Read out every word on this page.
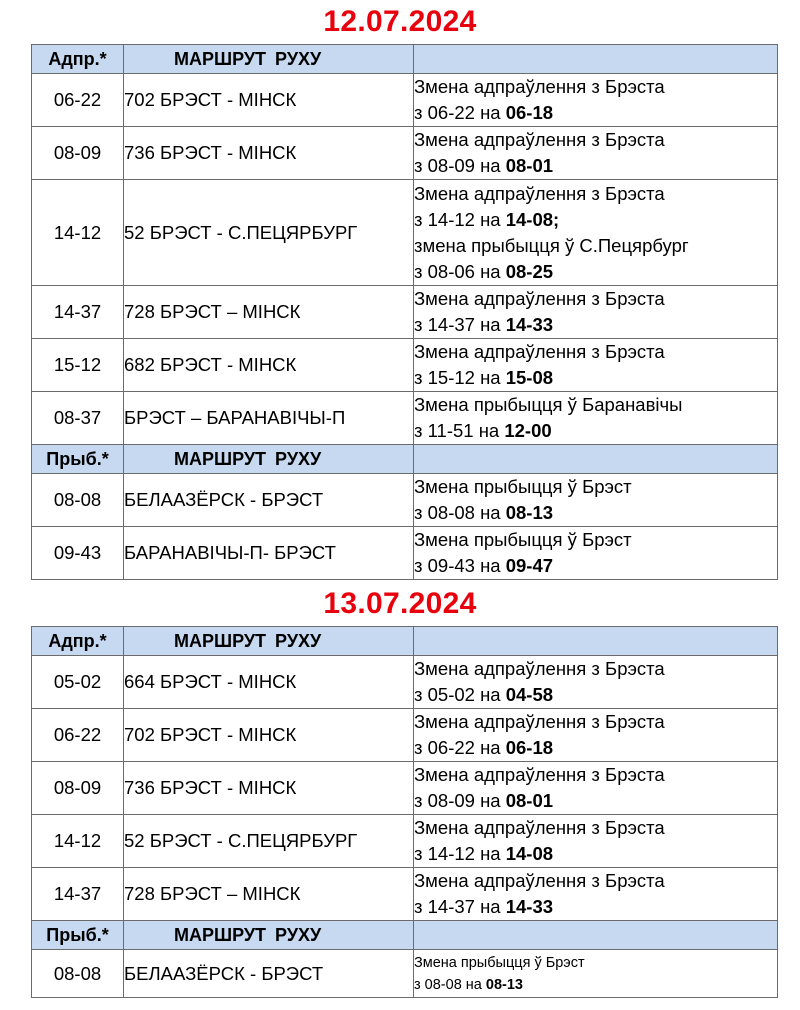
12.07.2024
Адпр.*	МАРШРУТ РУХУ	
06-22	702 БРЭСТ - МІНСК	Змена адпраўлення з Брэста
з 06-22 на 06-18

08-09	736 БРЭСТ - МІНСК	Змена адпраўлення з Брэста
з 08-09 на 08-01

14-12	52 БРЭСТ - С.ПЕЦЯРБУРГ	Змена адпраўлення з Брэста
з 14-12 на 14-08;
змена прыбыцця ў С.Пецярбург
з 08-06 на 08-25

14-37	728 БРЭСТ – МІНСК	Змена адпраўлення з Брэста
з 14-37 на 14-33

15-12	682 БРЭСТ - МІНСК	Змена адпраўлення з Брэста
з 15-12 на 15-08

08-37	БРЭСТ – БАРАНАВІЧЫ-П	Змена прыбыцця ў Баранавічы
з 11-51 на 12-00

Прыб.*	МАРШРУТ РУХУ	
08-08	БЕЛААЗЁРСК - БРЭСТ	Змена прыбыцця ў Брэст
з 08-08 на 08-13

09-43	БАРАНАВІЧЫ-П- БРЭСТ	Змена прыбыцця ў Брэст
з 09-43 на 09-47
13.07.2024
Адпр.*	МАРШРУТ РУХУ	
05-02	664 БРЭСТ - МІНСК	Змена адпраўлення з Брэста
з 05-02 на 04-58

06-22	702 БРЭСТ - МІНСК	Змена адпраўлення з Брэста
з 06-22 на 06-18

08-09	736 БРЭСТ - МІНСК	Змена адпраўлення з Брэста
з 08-09 на 08-01

14-12	52 БРЭСТ - С.ПЕЦЯРБУРГ	Змена адпраўлення з Брэста
з 14-12 на 14-08

14-37	728 БРЭСТ – МІНСК	Змена адпраўлення з Брэста
з 14-37 на 14-33

Прыб.*	МАРШРУТ РУХУ	
08-08	БЕЛААЗЁРСК - БРЭСТ	Змена прыбыцця ў Брэст
з 08-08 на 08-13
